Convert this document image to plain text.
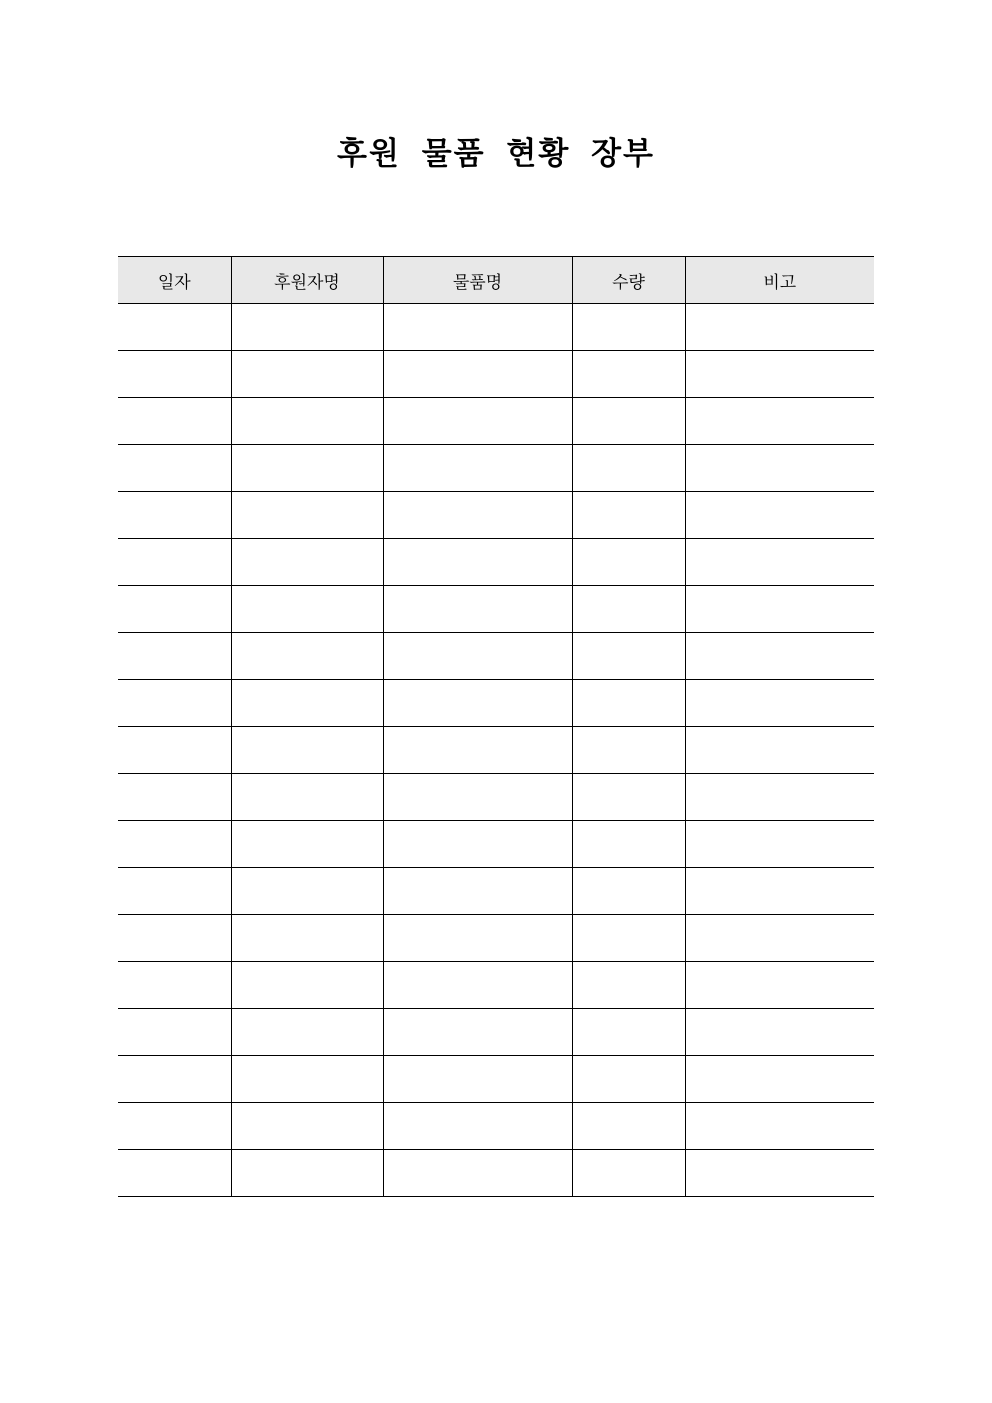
후원 물품 현황 장부
일자	후원자명	물품명	수량	비고
